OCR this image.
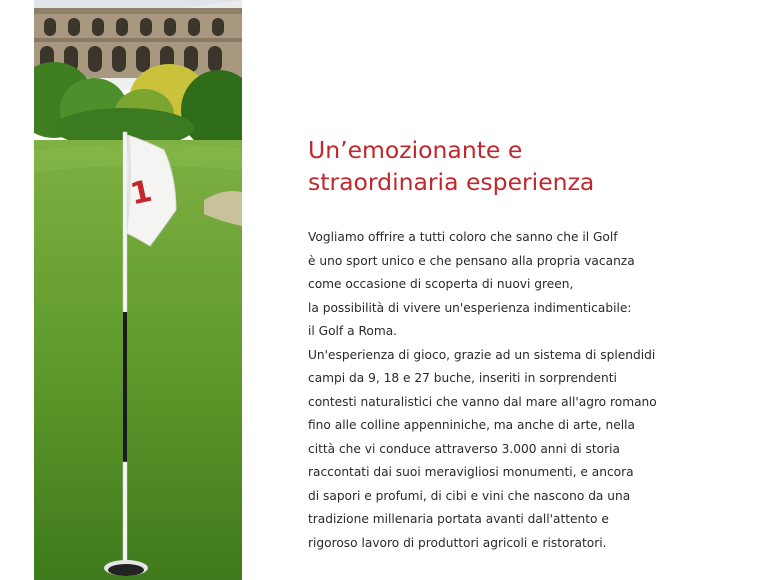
1
Un’emozionante e
straordinaria esperienza

Vogliamo offrire a tutti coloro che sanno che il Golf

è uno sport unico e che pensano alla propria vacanza

come occasione di scoperta di nuovi green,

la possibilità di vivere un'esperienza indimenticabile:

il Golf a Roma.

Un'esperienza di gioco, grazie ad un sistema di splendidi

campi da 9, 18 e 27 buche, inseriti in sorprendenti

contesti naturalistici che vanno dal mare all'agro romano

fino alle colline appenniniche, ma anche di arte, nella

città che vi conduce attraverso 3.000 anni di storia

raccontati dai suoi meravigliosi monumenti, e ancora

di sapori e profumi, di cibi e vini che nascono da una

tradizione millenaria portata avanti dall'attento e

rigoroso lavoro di produttori agricoli e ristoratori.
